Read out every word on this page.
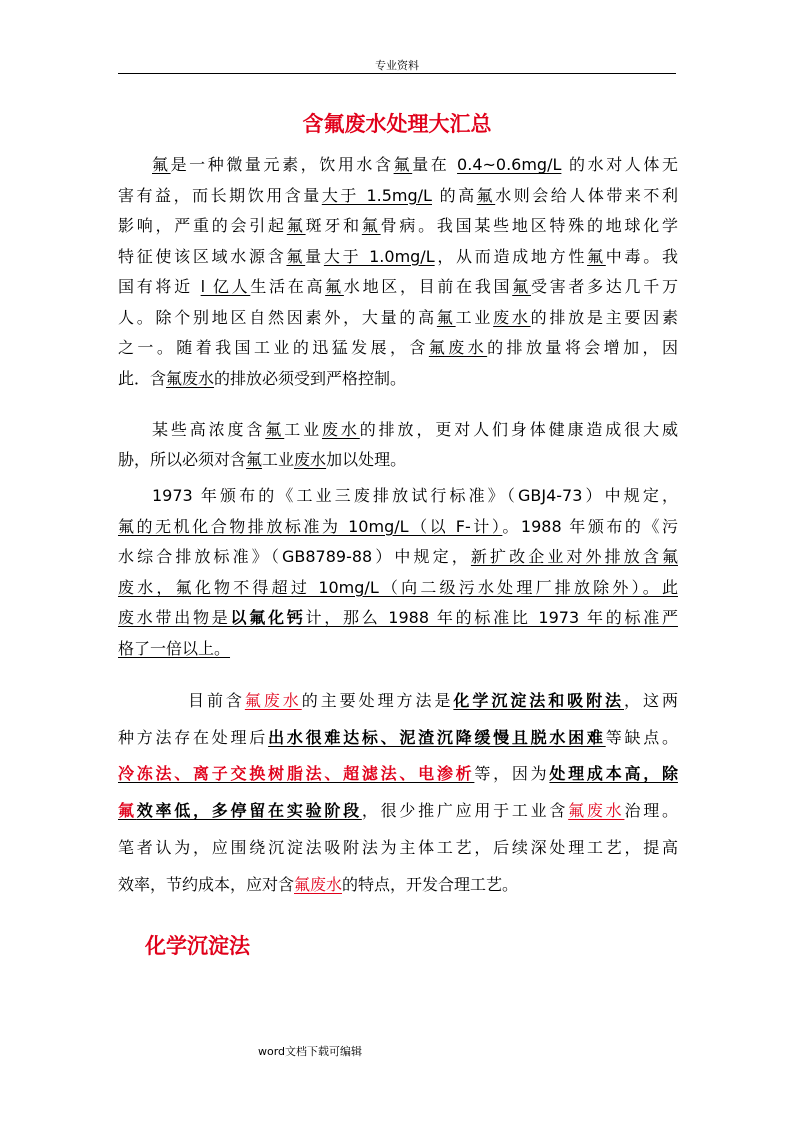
专业资料
含氟废水处理大汇总
氟是一种微量元素，饮用水含氟量在 0.4~0.6mg/L 的水对人体无
害有益，而长期饮用含量大于 1.5mg/L 的高氟水则会给人体带来不利
影响，严重的会引起氟斑牙和氟骨病。我国某些地区特殊的地球化学
特征使该区域水源含氟量大于 1.0mg/L，从而造成地方性氟中毒。我
国有将近 l 亿人生活在高氟水地区，目前在我国氟受害者多达几千万
人。除个别地区自然因素外，大量的高氟工业废水的排放是主要因素
之一。随着我国工业的迅猛发展，含氟废水的排放量将会增加，因
此．含氟废水的排放必须受到严格控制。
某些高浓度含氟工业废水的排放，更对人们身体健康造成很大威
胁，所以必须对含氟工业废水加以处理。
1973 年颁布的《工业三废排放试行标准》（GBJ4-73）中规定，
氟的无机化合物排放标准为 10mg/L（以 F-计）。1988 年颁布的《污
水综合排放标准》（GB8789-88）中规定，新扩改企业对外排放含氟
废水，氟化物不得超过 10mg/L（向二级污水处理厂排放除外）。此
废水带出物是以氟化钙计，那么 1988 年的标准比 1973 年的标准严
格了一倍以上。
目前含氟废水的主要处理方法是化学沉淀法和吸附法，这两
种方法存在处理后出水很难达标、泥渣沉降缓慢且脱水困难等缺点。
冷冻法、离子交换树脂法、超滤法、电渗析等，因为处理成本高，除
氟效率低，多停留在实验阶段，很少推广应用于工业含氟废水治理。
笔者认为，应围绕沉淀法吸附法为主体工艺，后续深处理工艺，提高
效率，节约成本，应对含氟废水的特点，开发合理工艺。
化学沉淀法
word文档下载可编辑
